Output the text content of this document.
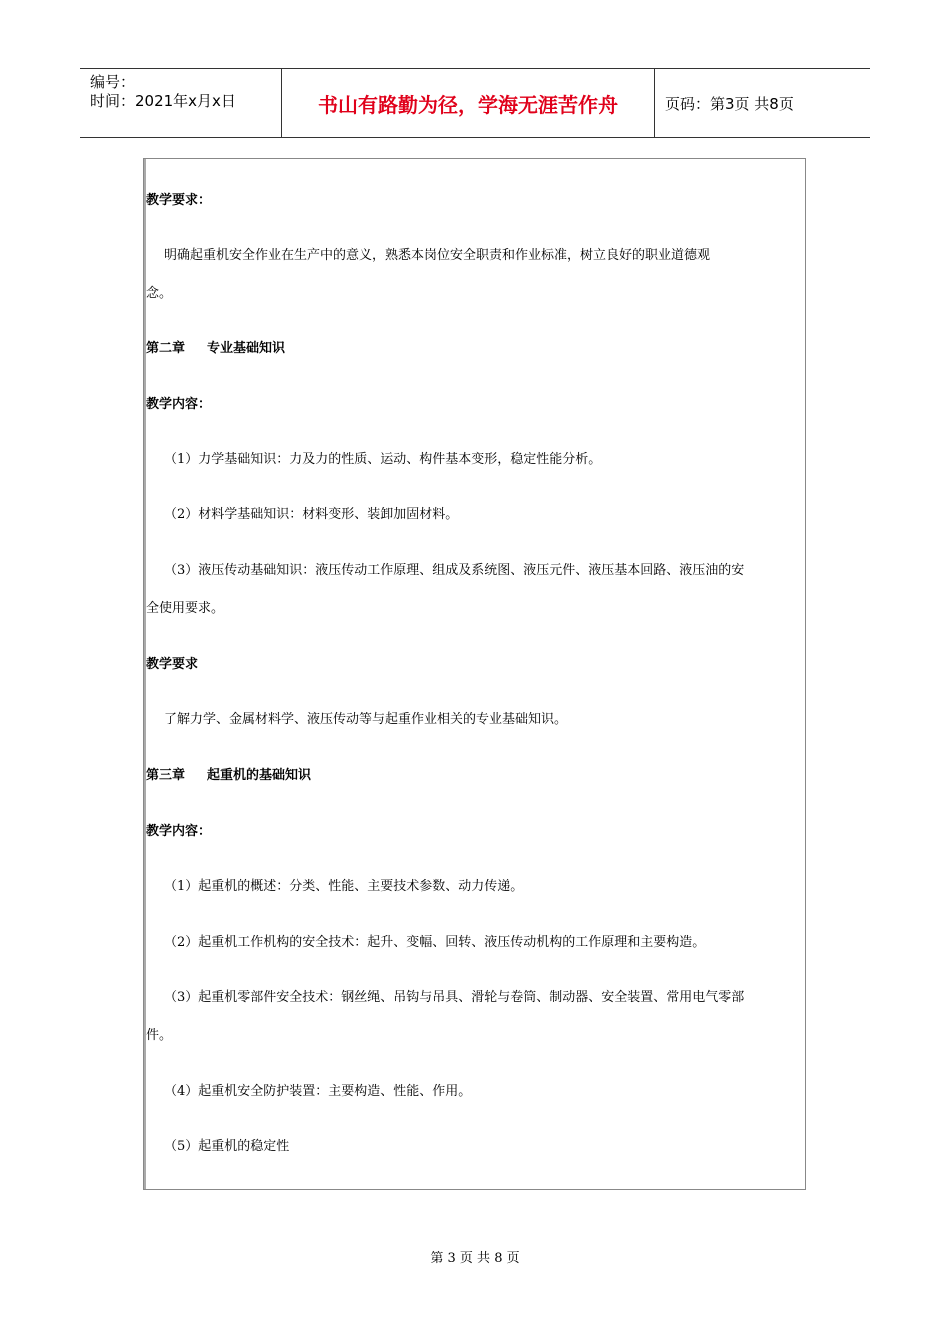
编号：
时间：2021年x月x日	书山有路勤为径，学海无涯苦作舟	页码：第3页 共8页
教学要求：
明确起重机安全作业在生产中的意义，熟悉本岗位安全职责和作业标准，树立良好的职业道德观
念。
第二章 专业基础知识
教学内容：
（1）力学基础知识：力及力的性质、运动、构件基本变形，稳定性能分析。
（2）材料学基础知识：材料变形、装卸加固材料。
（3）液压传动基础知识：液压传动工作原理、组成及系统图、液压元件、液压基本回路、液压油的安
全使用要求。
教学要求
了解力学、金属材料学、液压传动等与起重作业相关的专业基础知识。
第三章 起重机的基础知识
教学内容：
（1）起重机的概述：分类、性能、主要技术参数、动力传递。
（2）起重机工作机构的安全技术：起升、变幅、回转、液压传动机构的工作原理和主要构造。
（3）起重机零部件安全技术：钢丝绳、吊钩与吊具、滑轮与卷筒、制动器、安全装置、常用电气零部
件。
（4）起重机安全防护装置：主要构造、性能、作用。
（5）起重机的稳定性
第 3 页 共 8 页
